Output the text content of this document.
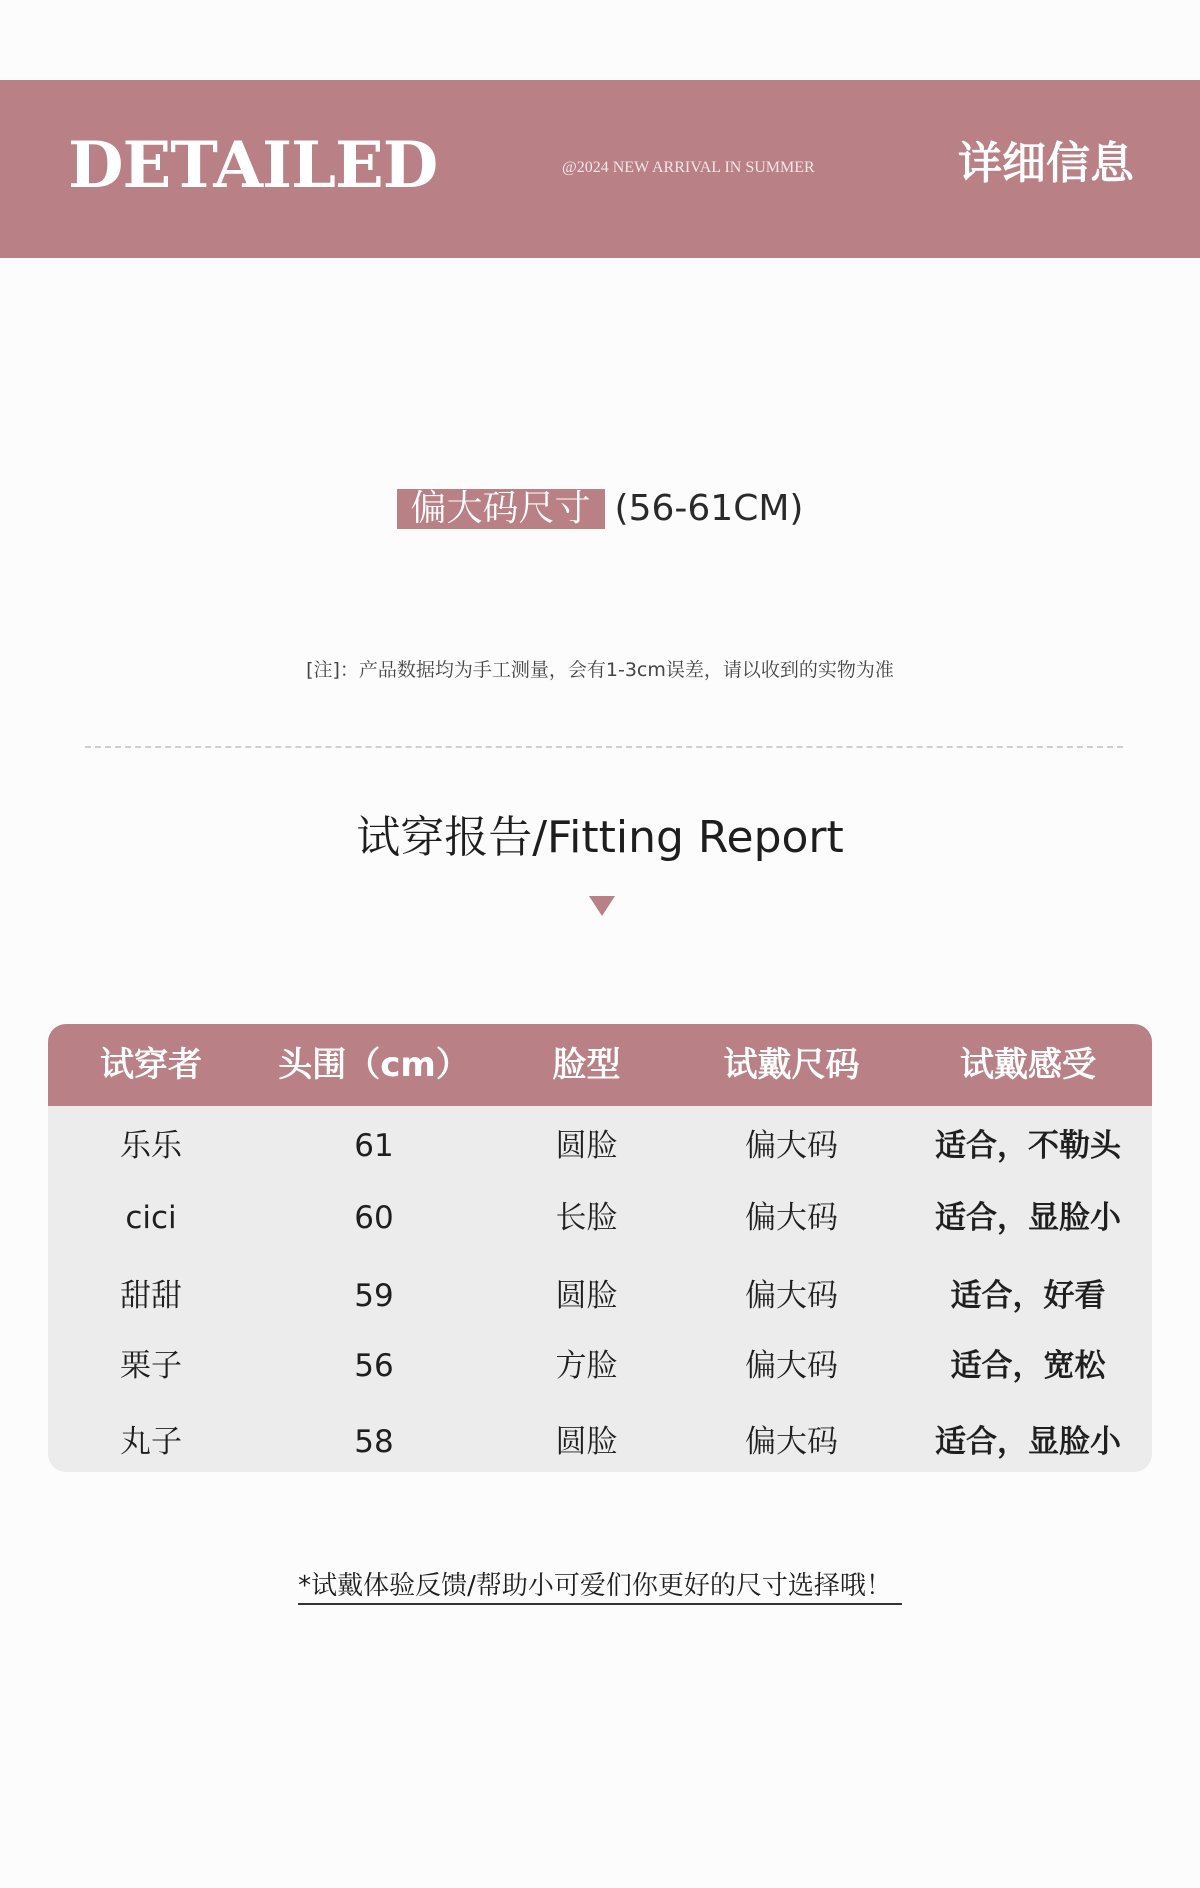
DETAILED	@2024 NEW ARRIVAL IN SUMMER	详细信息
偏大码尺寸 (56-61CM)
[注]：产品数据均为手工测量，会有1-3cm误差，请以收到的实物为准
试穿报告/Fitting Report
试穿者	头围（cm）	脸型	试戴尺码	试戴感受
乐乐	61	圆脸	偏大码	适合，不勒头
cici	60	长脸	偏大码	适合，显脸小
甜甜	59	圆脸	偏大码	适合，好看
栗子	56	方脸	偏大码	适合，宽松
丸子	58	圆脸	偏大码	适合，显脸小
*试戴体验反馈/帮助小可爱们你更好的尺寸选择哦！
